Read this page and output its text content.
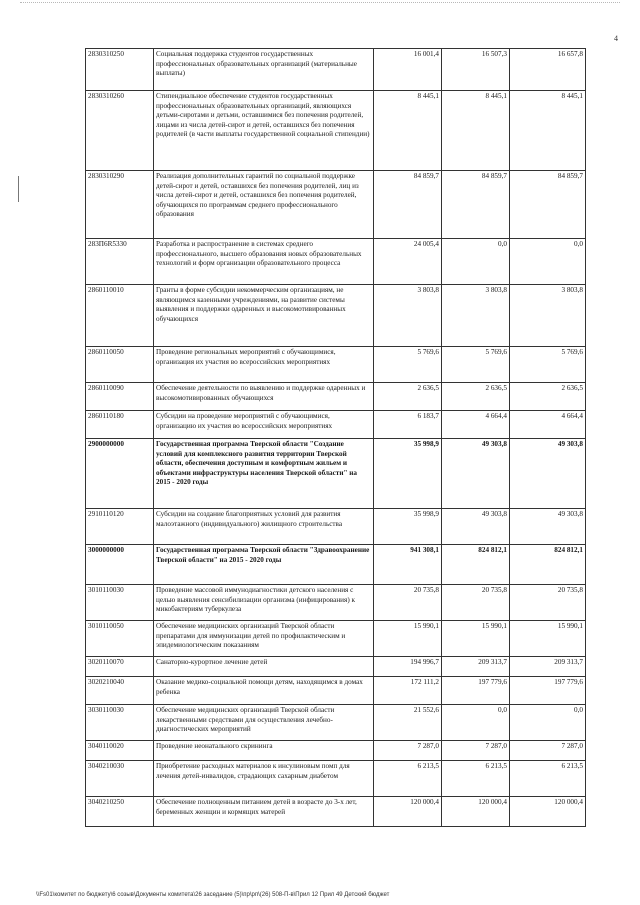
4
2830310250	Социальная поддержка студентов государственных профессиональных образовательных организаций (материальные выплаты)	16 001,4	16 507,3	16 657,8
2830310260	Стипендиальное обеспечение студентов государственных профессиональных образовательных организаций, являющихся детьми-сиротами и детьми, оставшимися без попечения родителей, лицами из числа детей-сирот и детей, оставшихся без попечения родителей (в части выплаты государственной социальной стипендии)	8 445,1	8 445,1	8 445,1
2830310290	Реализация дополнительных гарантий по социальной поддержке детей-сирот и детей, оставшихся без попечения родителей, лиц из числа детей-сирот и детей, оставшихся без попечения родителей, обучающихся по программам среднего профессионального образования	84 859,7	84 859,7	84 859,7
283П6R5330	Разработка и распространение в системах среднего профессионального, высшего образования новых образовательных технологий и форм организации образовательного процесса	24 005,4	0,0	0,0
2860110010	Гранты в форме субсидии некоммерческим организациям, не являющимся казенными учреждениями, на развитие системы выявления и поддержки одаренных и высокомотивированных обучающихся	3 803,8	3 803,8	3 803,8
2860110050	Проведение региональных мероприятий с обучающимися, организация их участия во всероссийских мероприятиях	5 769,6	5 769,6	5 769,6
2860110090	Обеспечение деятельности по выявлению и поддержке одаренных и высокомотивированных обучающихся	2 636,5	2 636,5	2 636,5
2860110180	Субсидии на проведение мероприятий с обучающимися, организацию их участия во всероссийских мероприятиях	6 183,7	4 664,4	4 664,4
2900000000	Государственная программа Тверской области "Создание условий для комплексного развития территории Тверской области, обеспечения доступным и комфортным жильем и объектами инфраструктуры населения Тверской области" на 2015 - 2020 годы	35 998,9	49 303,8	49 303,8
2910110120	Субсидии на создание благоприятных условий для развития малоэтажного (индивидуального) жилищного строительства	35 998,9	49 303,8	49 303,8
3000000000	Государственная программа Тверской области "Здравоохранение Тверской области" на 2015 - 2020 годы	941 308,1	824 812,1	824 812,1
3010110030	Проведение массовой иммунодиагностики детского населения с целью выявления сенсибилизации организма (инфицирования) к микобактериям туберкулеза	20 735,8	20 735,8	20 735,8
3010110050	Обеспечение медицинских организаций Тверской области препаратами для иммунизации детей по профилактическим и эпидемиологическим показаниям	15 990,1	15 990,1	15 990,1
3020110070	Санаторно-курортное лечение детей	194 996,7	209 313,7	209 313,7
3020210040	Оказание медико-социальной помощи детям, находящимся в домах ребенка	172 111,2	197 779,6	197 779,6
3030110030	Обеспечение медицинских организаций Тверской области лекарственными средствами для осуществления лечебно-диагностических мероприятий	21 552,6	0,0	0,0
3040110020	Проведение неонатального скрининга	7 287,0	7 287,0	7 287,0
3040210030	Приобретение расходных материалов к инсулиновым помп для лечения детей-инвалидов, страдающих сахарным диабетом	6 213,5	6 213,5	6 213,5
3040210250	Обеспечение полноценным питанием детей в возрасте до 3-х лет, беременных женщин и кормящих матерей	120 000,4	120 000,4	120 000,4
\\Fs01\комитет по бюджету\6 созыв\Документы комитета\26 заседание (5)\пр\рп\(26) 508-П-в\Прил 12 Прил 49 Детский бюджет
